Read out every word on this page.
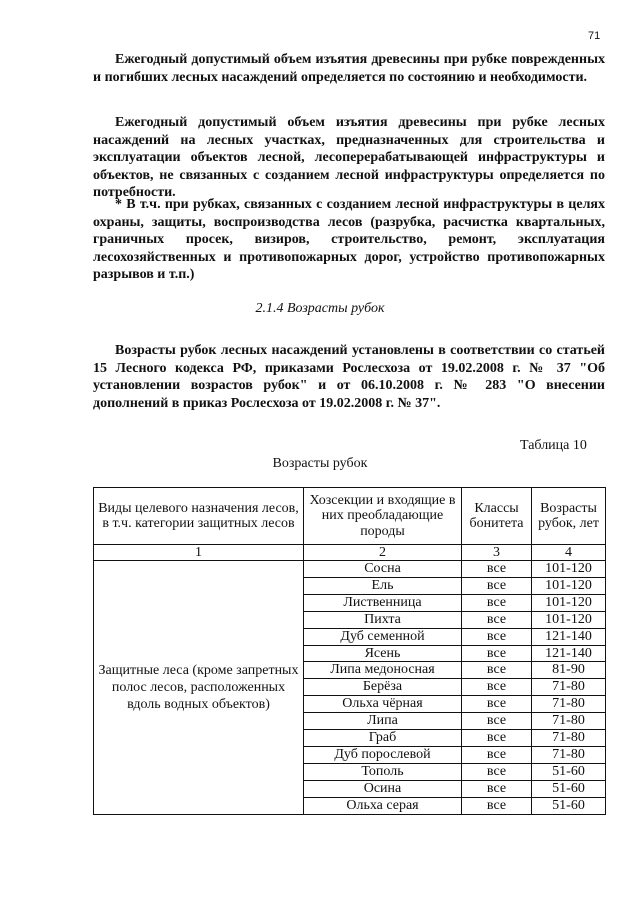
71

Ежегодный допустимый объем изъятия древесины при рубке поврежденных и погибших лесных насаждений определяется по состоянию и необходимости.

Ежегодный допустимый объем изъятия древесины при рубке лесных насаждений на лесных участках, предназначенных для строительства и эксплуатации объектов лесной, лесоперерабатывающей инфраструктуры и объектов, не связанных с созданием лесной инфраструктуры определяется по потребности.

* В т.ч. при рубках, связанных с созданием лесной инфраструктуры в целях охраны, защиты, воспроизводства лесов (разрубка, расчистка квартальных, граничных просек, визиров, строительство, ремонт, эксплуатация лесохозяйственных и противопожарных дорог, устройство противопожарных разрывов и т.п.)

2.1.4 Возрасты рубок

Возрасты рубок лесных насаждений установлены в соответствии со статьей 15 Лесного кодекса РФ, приказами Рослесхоза от 19.02.2008 г. № 37 "Об установлении возрастов рубок" и от 06.10.2008 г. № 283 "О внесении дополнений в приказ Рослесхоза от 19.02.2008 г. № 37".

Таблица 10
Возрасты рубок
Виды целевого назначения лесов, в т.ч. категории защитных лесов	Хозсекции и входящие в них преобладающие породы	Классы бонитета	Возрасты рубок, лет
1	2	3	4
Защитные леса (кроме запретных полос лесов, расположенных вдоль водных объектов)	Сосна	все	101-120
	Ель	все	101-120
	Лиственница	все	101-120
	Пихта	все	101-120
	Дуб семенной	все	121-140
	Ясень	все	121-140
	Липа медоносная	все	81-90
	Берёза	все	71-80
	Ольха чёрная	все	71-80
	Липа	все	71-80
	Граб	все	71-80
	Дуб порослевой	все	71-80
	Тополь	все	51-60
	Осина	все	51-60
	Ольха серая	все	51-60
